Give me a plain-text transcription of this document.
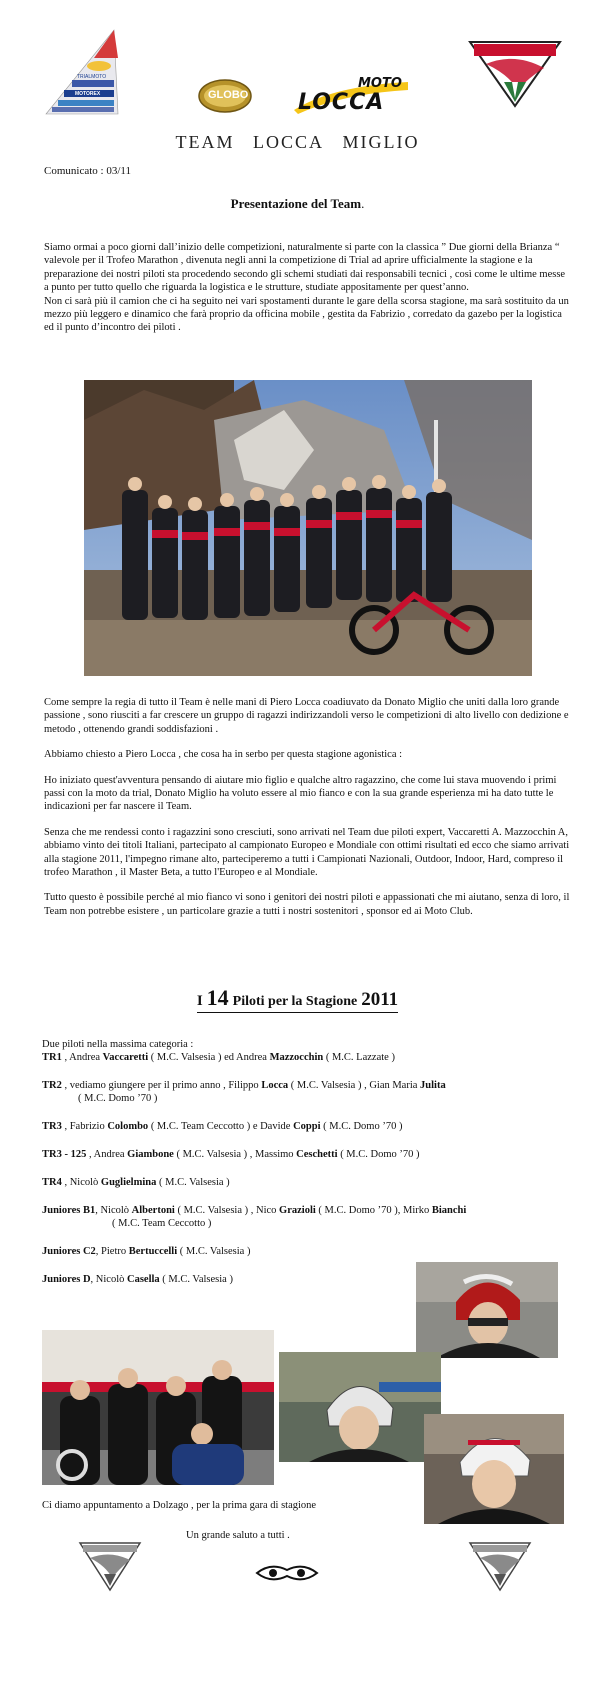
TRIALMOTO
MOTOREX	GLOBO
MOTO
LOCCA
TEAM LOCCA MIGLIO
Comunicato : 03/11
Presentazione del Team.

Siamo ormai a poco giorni dall’inizio delle competizioni, naturalmente si parte con la classica ” Due giorni della Brianza “ valevole per il Trofeo Marathon , divenuta negli anni la competizione di Trial ad aprire ufficialmente la stagione e la preparazione dei nostri piloti sta procedendo secondo gli schemi studiati dai responsabili tecnici , così come le ultime messe a punto per tutto quello che riguarda la logistica e le strutture, studiate appositamente per quest’anno.

Non ci sarà più il camion che ci ha seguito nei vari spostamenti durante le gare della scorsa stagione, ma sarà sostituito da un mezzo più leggero e dinamico che farà proprio da officina mobile , gestita da Fabrizio , corredato da gazebo per la logistica ed il punto d’incontro dei piloti .

Come sempre la regia di tutto il Team è nelle mani di Piero Locca coadiuvato da Donato Miglio che uniti dalla loro grande passione , sono riusciti a far crescere un gruppo di ragazzi indirizzandoli verso le competizioni di alto livello con dedizione e metodo , ottenendo grandi soddisfazioni .

Abbiamo chiesto a Piero Locca , che cosa ha in serbo per questa stagione agonistica :

Ho iniziato quest'avventura pensando di aiutare mio figlio e qualche altro ragazzino, che come lui stava muovendo i primi passi con la moto da trial, Donato Miglio ha voluto essere al mio fianco e con la sua grande esperienza mi ha dato tutte le indicazioni per far nascere il Team.

Senza che me rendessi conto i ragazzini sono cresciuti, sono arrivati nel Team due piloti expert, Vaccaretti A. Mazzocchin A, abbiamo vinto dei titoli Italiani, partecipato al campionato Europeo e Mondiale con ottimi risultati ed ecco che siamo arrivati alla stagione 2011, l'impegno rimane alto, parteciperemo a tutti i Campionati Nazionali, Outdoor, Indoor, Hard, compreso il trofeo Marathon , il Master Beta, a tutto l'Europeo e al Mondiale.

Tutto questo è possibile perché al mio fianco vi sono i genitori dei nostri piloti e appassionati che mi aiutano, senza di loro, il Team non potrebbe esistere , un particolare grazie a tutti i nostri sostenitori , sponsor ed ai Moto Club.

I 14 Piloti per la Stagione 2011
Due piloti nella massima categoria :
TR1 , Andrea Vaccaretti ( M.C. Valsesia ) ed Andrea Mazzocchin ( M.C. Lazzate )
TR2 , vediamo giungere per il primo anno , Filippo Locca ( M.C. Valsesia ) , Gian Maria Julita
( M.C. Domo ’70 )
TR3 , Fabrizio Colombo ( M.C. Team Ceccotto ) e Davide Coppi ( M.C. Domo ’70 )
TR3 - 125 , Andrea Giambone ( M.C. Valsesia ) , Massimo Ceschetti ( M.C. Domo ’70 )
TR4 , Nicolò Guglielmina ( M.C. Valsesia )
Juniores B1, Nicolò Albertoni ( M.C. Valsesia ) , Nico Grazioli ( M.C. Domo ’70 ), Mirko Bianchi
( M.C. Team Ceccotto )
Juniores C2, Pietro Bertuccelli ( M.C. Valsesia )
Juniores D, Nicolò Casella ( M.C. Valsesia )
Ci diamo appuntamento a Dolzago , per la prima gara di stagione
Un grande saluto a tutti .
